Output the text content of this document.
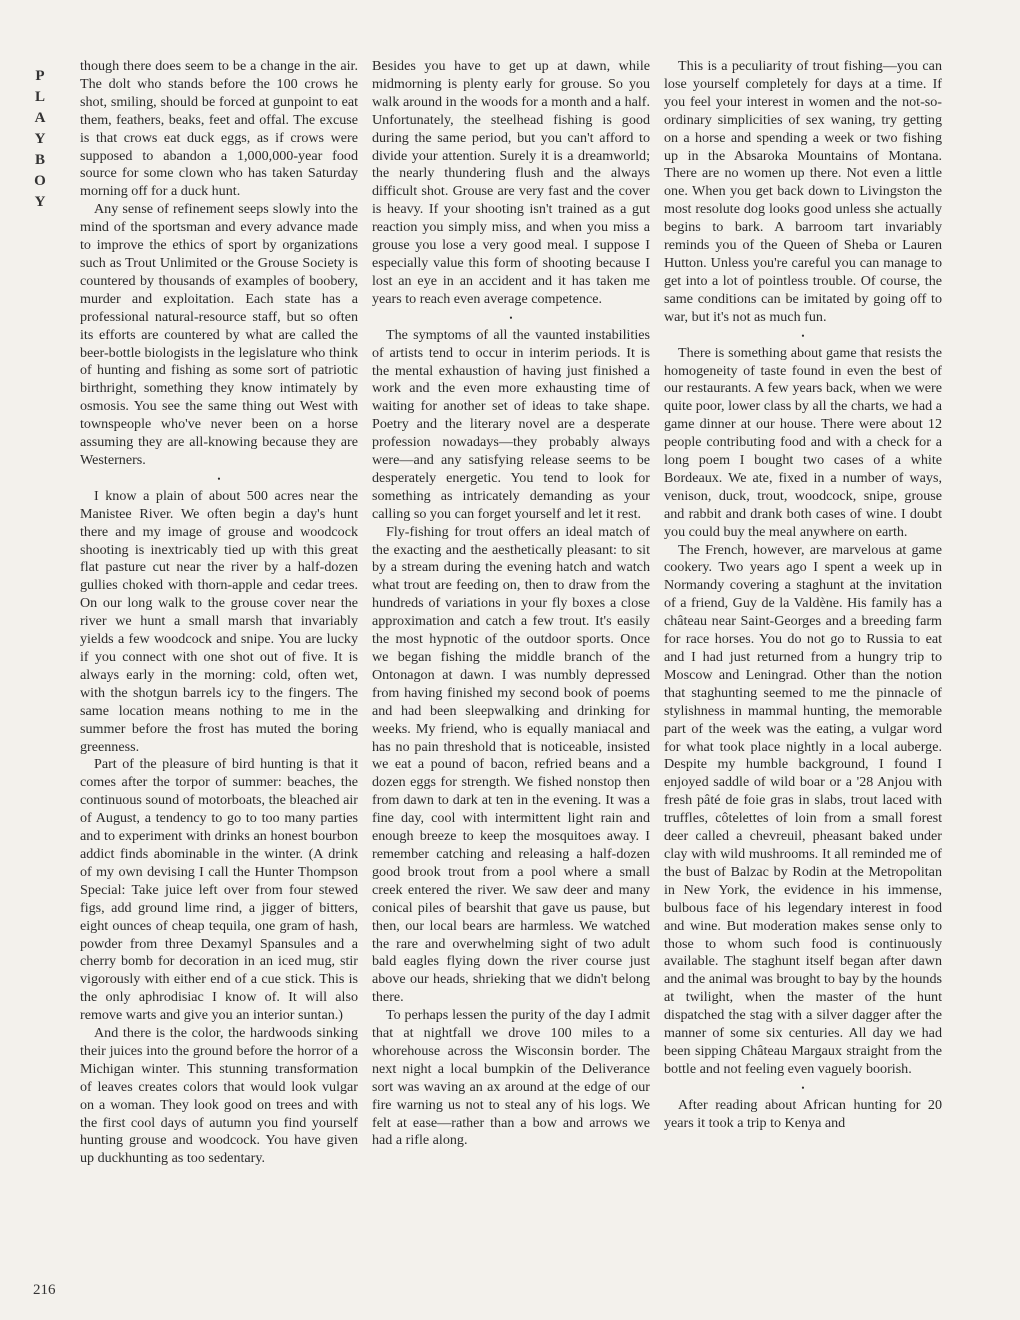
P
L
A
Y
B
O
Y
216

though there does seem to be a change in the air. The dolt who stands before the 100 crows he shot, smiling, should be forced at gunpoint to eat them, feathers, beaks, feet and offal. The excuse is that crows eat duck eggs, as if crows were supposed to abandon a 1,000,000-year food source for some clown who has taken Saturday morning off for a duck hunt.

Any sense of refinement seeps slowly into the mind of the sportsman and every advance made to improve the ethics of sport by organizations such as Trout Unlimited or the Grouse Society is countered by thousands of examples of boobery, murder and exploitation. Each state has a professional natural-resource staff, but so often its efforts are countered by what are called the beer-bottle biologists in the legislature who think of hunting and fishing as some sort of patriotic birthright, something they know intimately by osmosis. You see the same thing out West with townspeople who've never been on a horse assuming they are all-knowing because they are Westerners.

•

I know a plain of about 500 acres near the Manistee River. We often begin a day's hunt there and my image of grouse and woodcock shooting is inextricably tied up with this great flat pasture cut near the river by a half-dozen gullies choked with thorn-apple and cedar trees. On our long walk to the grouse cover near the river we hunt a small marsh that invariably yields a few woodcock and snipe. You are lucky if you connect with one shot out of five. It is always early in the morning: cold, often wet, with the shotgun barrels icy to the fingers. The same location means nothing to me in the summer before the frost has muted the boring greenness.

Part of the pleasure of bird hunting is that it comes after the torpor of summer: beaches, the continuous sound of motorboats, the bleached air of August, a tendency to go to too many parties and to experiment with drinks an honest bourbon addict finds abominable in the winter. (A drink of my own devising I call the Hunter Thompson Special: Take juice left over from four stewed figs, add ground lime rind, a jigger of bitters, eight ounces of cheap tequila, one gram of hash, powder from three Dexamyl Spansules and a cherry bomb for decoration in an iced mug, stir vigorously with either end of a cue stick. This is the only aphrodisiac I know of. It will also remove warts and give you an interior suntan.)

And there is the color, the hardwoods sinking their juices into the ground before the horror of a Michigan winter. This stunning transformation of leaves creates colors that would look vulgar on a woman. They look good on trees and with the first cool days of autumn you find yourself hunting grouse and woodcock. You have given up duckhunting as too sedentary.

Besides you have to get up at dawn, while midmorning is plenty early for grouse. So you walk around in the woods for a month and a half. Unfortunately, the steelhead fishing is good during the same period, but you can't afford to divide your attention. Surely it is a dreamworld; the nearly thundering flush and the always difficult shot. Grouse are very fast and the cover is heavy. If your shooting isn't trained as a gut reaction you simply miss, and when you miss a grouse you lose a very good meal. I suppose I especially value this form of shooting because I lost an eye in an accident and it has taken me years to reach even average competence.

•

The symptoms of all the vaunted instabilities of artists tend to occur in interim periods. It is the mental exhaustion of having just finished a work and the even more exhausting time of waiting for another set of ideas to take shape. Poetry and the literary novel are a desperate profession nowadays—they probably always were—and any satisfying release seems to be desperately energetic. You tend to look for something as intricately demanding as your calling so you can forget yourself and let it rest.

Fly-fishing for trout offers an ideal match of the exacting and the aesthetically pleasant: to sit by a stream during the evening hatch and watch what trout are feeding on, then to draw from the hundreds of variations in your fly boxes a close approximation and catch a few trout. It's easily the most hypnotic of the outdoor sports. Once we began fishing the middle branch of the Ontonagon at dawn. I was numbly depressed from having finished my second book of poems and had been sleepwalking and drinking for weeks. My friend, who is equally maniacal and has no pain threshold that is noticeable, insisted we eat a pound of bacon, refried beans and a dozen eggs for strength. We fished nonstop then from dawn to dark at ten in the evening. It was a fine day, cool with intermittent light rain and enough breeze to keep the mosquitoes away. I remember catching and releasing a half-dozen good brook trout from a pool where a small creek entered the river. We saw deer and many conical piles of bearshit that gave us pause, but then, our local bears are harmless. We watched the rare and overwhelming sight of two adult bald eagles flying down the river course just above our heads, shrieking that we didn't belong there.

To perhaps lessen the purity of the day I admit that at nightfall we drove 100 miles to a whorehouse across the Wisconsin border. The next night a local bumpkin of the Deliverance sort was waving an ax around at the edge of our fire warning us not to steal any of his logs. We felt at ease—rather than a bow and arrows we had a rifle along.

This is a peculiarity of trout fishing—you can lose yourself completely for days at a time. If you feel your interest in women and the not-so-ordinary simplicities of sex waning, try getting on a horse and spending a week or two fishing up in the Absaroka Mountains of Montana. There are no women up there. Not even a little one. When you get back down to Livingston the most resolute dog looks good unless she actually begins to bark. A barroom tart invariably reminds you of the Queen of Sheba or Lauren Hutton. Unless you're careful you can manage to get into a lot of pointless trouble. Of course, the same conditions can be imitated by going off to war, but it's not as much fun.

•

There is something about game that resists the homogeneity of taste found in even the best of our restaurants. A few years back, when we were quite poor, lower class by all the charts, we had a game dinner at our house. There were about 12 people contributing food and with a check for a long poem I bought two cases of a white Bordeaux. We ate, fixed in a number of ways, venison, duck, trout, woodcock, snipe, grouse and rabbit and drank both cases of wine. I doubt you could buy the meal anywhere on earth.

The French, however, are marvelous at game cookery. Two years ago I spent a week up in Normandy covering a staghunt at the invitation of a friend, Guy de la Valdène. His family has a château near Saint-Georges and a breeding farm for race horses. You do not go to Russia to eat and I had just returned from a hungry trip to Moscow and Leningrad. Other than the notion that staghunting seemed to me the pinnacle of stylishness in mammal hunting, the memorable part of the week was the eating, a vulgar word for what took place nightly in a local auberge. Despite my humble background, I found I enjoyed saddle of wild boar or a '28 Anjou with fresh pâté de foie gras in slabs, trout laced with truffles, côtelettes of loin from a small forest deer called a chevreuil, pheasant baked under clay with wild mushrooms. It all reminded me of the bust of Balzac by Rodin at the Metropolitan in New York, the evidence in his immense, bulbous face of his legendary interest in food and wine. But moderation makes sense only to those to whom such food is continuously available. The staghunt itself began after dawn and the animal was brought to bay by the hounds at twilight, when the master of the hunt dispatched the stag with a silver dagger after the manner of some six centuries. All day we had been sipping Château Margaux straight from the bottle and not feeling even vaguely boorish.

•

After reading about African hunting for 20 years it took a trip to Kenya and
